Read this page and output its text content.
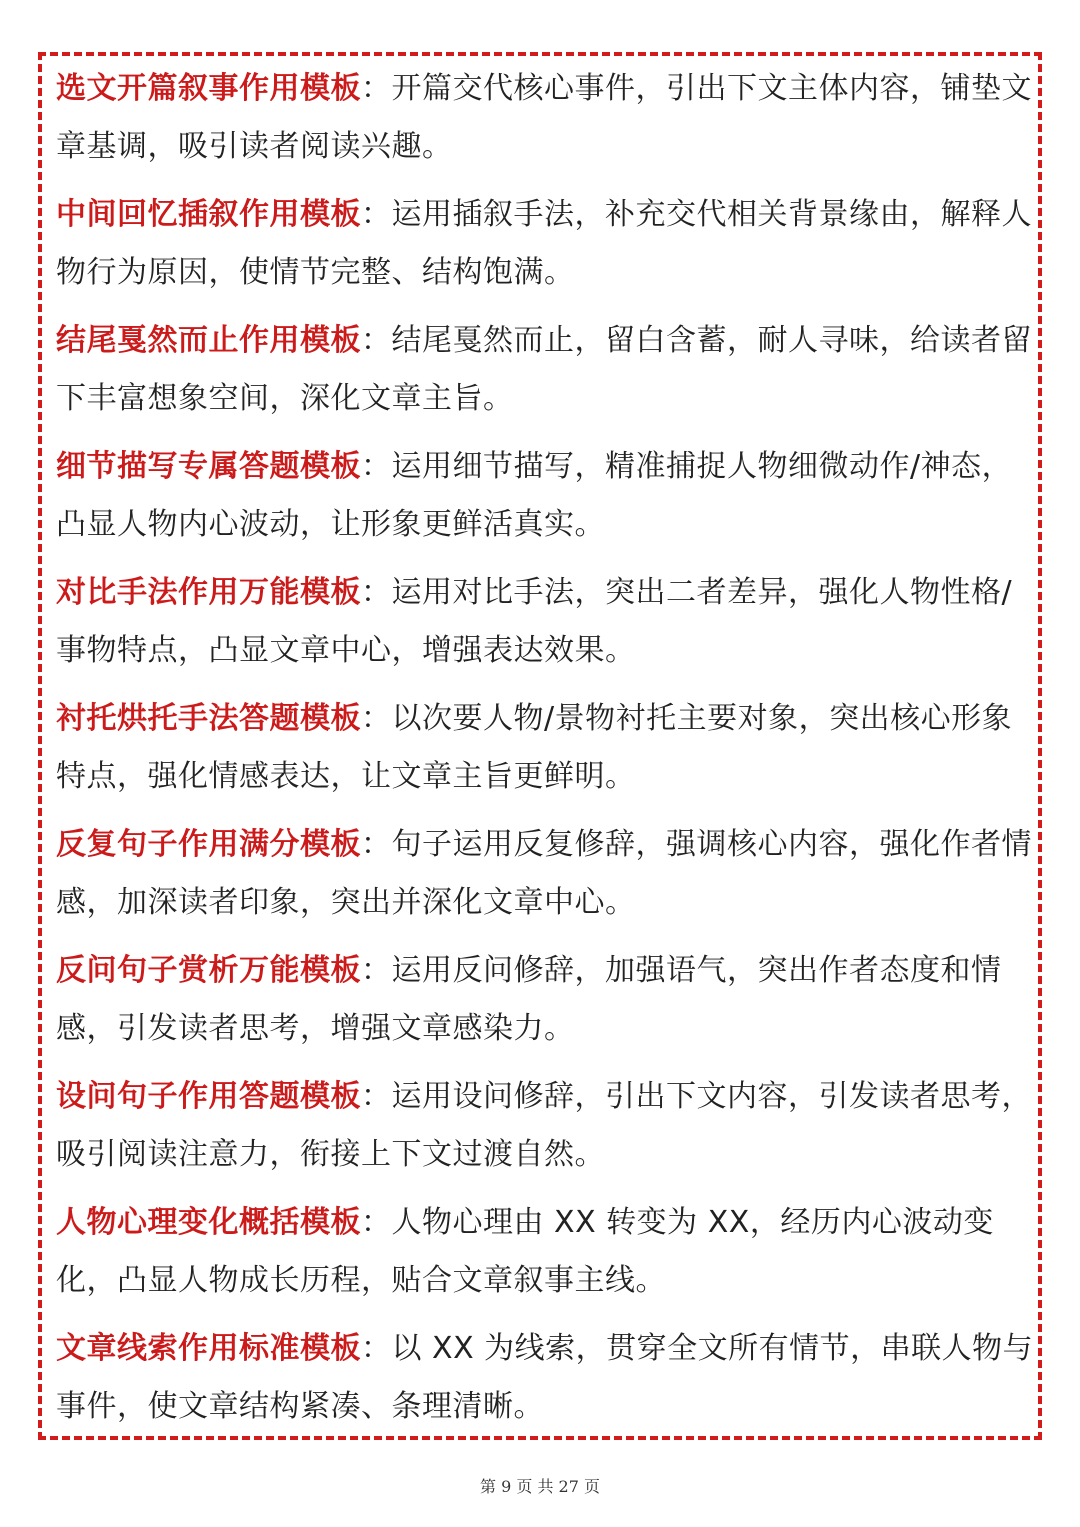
选文开篇叙事作用模板：开篇交代核心事件，引出下文主体内容，铺垫文章基调，吸引读者阅读兴趣。

中间回忆插叙作用模板：运用插叙手法，补充交代相关背景缘由，解释人物行为原因，使情节完整、结构饱满。

结尾戛然而止作用模板：结尾戛然而止，留白含蓄，耐人寻味，给读者留下丰富想象空间，深化文章主旨。

细节描写专属答题模板：运用细节描写，精准捕捉人物细微动作/神态，凸显人物内心波动，让形象更鲜活真实。

对比手法作用万能模板：运用对比手法，突出二者差异，强化人物性格/事物特点，凸显文章中心，增强表达效果。

衬托烘托手法答题模板：以次要人物/景物衬托主要对象，突出核心形象特点，强化情感表达，让文章主旨更鲜明。

反复句子作用满分模板：句子运用反复修辞，强调核心内容，强化作者情感，加深读者印象，突出并深化文章中心。

反问句子赏析万能模板：运用反问修辞，加强语气，突出作者态度和情感，引发读者思考，增强文章感染力。

设问句子作用答题模板：运用设问修辞，引出下文内容，引发读者思考，吸引阅读注意力，衔接上下文过渡自然。

人物心理变化概括模板：人物心理由 XX 转变为 XX，经历内心波动变化，凸显人物成长历程，贴合文章叙事主线。

文章线索作用标准模板：以 XX 为线索，贯穿全文所有情节，串联人物与事件，使文章结构紧凑、条理清晰。

第 9 页 共 27 页
